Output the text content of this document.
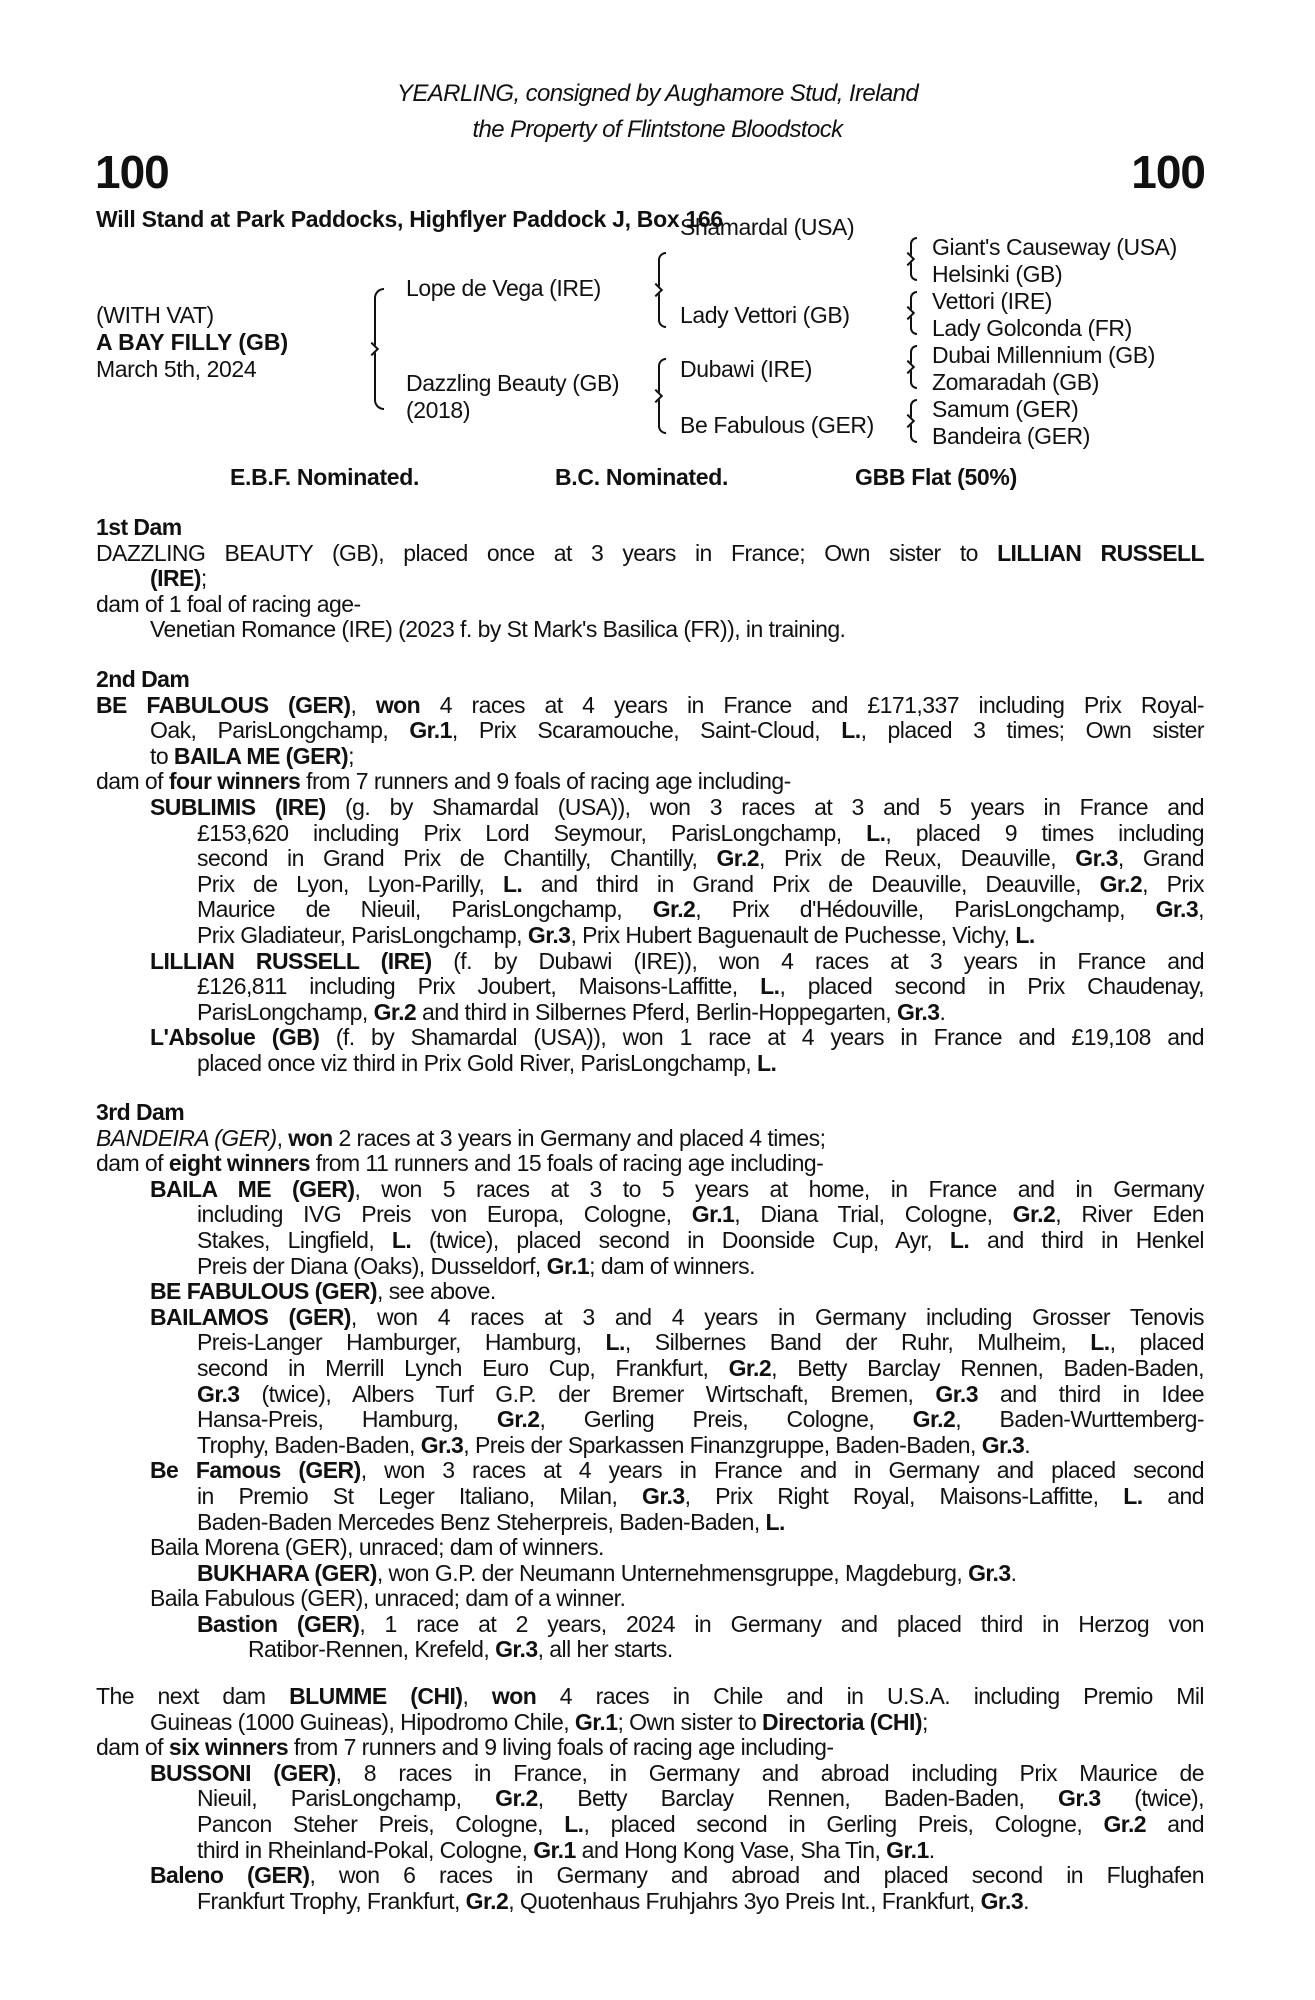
YEARLING, consigned by Aughamore Stud, Ireland
the Property of Flintstone Bloodstock
100	100
Will Stand at Park Paddocks, Highflyer Paddock J, Box 166
(WITH VAT)
A BAY FILLY (GB)
March 5th, 2024
Lope de Vega (IRE)
Dazzling Beauty (GB)
(2018)
Shamardal (USA)
Lady Vettori (GB)
Dubawi (IRE)
Be Fabulous (GER)
Giant's Causeway (USA)
Helsinki (GB)
Vettori (IRE)
Lady Golconda (FR)
Dubai Millennium (GB)
Zomaradah (GB)
Samum (GER)
Bandeira (GER)
E.B.F. Nominated.	B.C. Nominated.	GBB Flat (50%)
1st Dam
DAZZLING BEAUTY (GB), placed once at 3 years in France; Own sister to LILLIAN RUSSELL
(IRE);
dam of 1 foal of racing age-
Venetian Romance (IRE) (2023 f. by St Mark's Basilica (FR)), in training.
2nd Dam
BE FABULOUS (GER), won 4 races at 4 years in France and £171,337 including Prix Royal-
Oak, ParisLongchamp, Gr.1, Prix Scaramouche, Saint-Cloud, L., placed 3 times; Own sister
to BAILA ME (GER);
dam of four winners from 7 runners and 9 foals of racing age including-
SUBLIMIS (IRE) (g. by Shamardal (USA)), won 3 races at 3 and 5 years in France and
£153,620 including Prix Lord Seymour, ParisLongchamp, L., placed 9 times including
second in Grand Prix de Chantilly, Chantilly, Gr.2, Prix de Reux, Deauville, Gr.3, Grand
Prix de Lyon, Lyon-Parilly, L. and third in Grand Prix de Deauville, Deauville, Gr.2, Prix
Maurice de Nieuil, ParisLongchamp, Gr.2, Prix d'Hédouville, ParisLongchamp, Gr.3,
Prix Gladiateur, ParisLongchamp, Gr.3, Prix Hubert Baguenault de Puchesse, Vichy, L.
LILLIAN RUSSELL (IRE) (f. by Dubawi (IRE)), won 4 races at 3 years in France and
£126,811 including Prix Joubert, Maisons-Laffitte, L., placed second in Prix Chaudenay,
ParisLongchamp, Gr.2 and third in Silbernes Pferd, Berlin-Hoppegarten, Gr.3.
L'Absolue (GB) (f. by Shamardal (USA)), won 1 race at 4 years in France and £19,108 and
placed once viz third in Prix Gold River, ParisLongchamp, L.
3rd Dam
BANDEIRA (GER), won 2 races at 3 years in Germany and placed 4 times;
dam of eight winners from 11 runners and 15 foals of racing age including-
BAILA ME (GER), won 5 races at 3 to 5 years at home, in France and in Germany
including IVG Preis von Europa, Cologne, Gr.1, Diana Trial, Cologne, Gr.2, River Eden
Stakes, Lingfield, L. (twice), placed second in Doonside Cup, Ayr, L. and third in Henkel
Preis der Diana (Oaks), Dusseldorf, Gr.1; dam of winners.
BE FABULOUS (GER), see above.
BAILAMOS (GER), won 4 races at 3 and 4 years in Germany including Grosser Tenovis
Preis-Langer Hamburger, Hamburg, L., Silbernes Band der Ruhr, Mulheim, L., placed
second in Merrill Lynch Euro Cup, Frankfurt, Gr.2, Betty Barclay Rennen, Baden-Baden,
Gr.3 (twice), Albers Turf G.P. der Bremer Wirtschaft, Bremen, Gr.3 and third in Idee
Hansa-Preis, Hamburg, Gr.2, Gerling Preis, Cologne, Gr.2, Baden-Wurttemberg-
Trophy, Baden-Baden, Gr.3, Preis der Sparkassen Finanzgruppe, Baden-Baden, Gr.3.
Be Famous (GER), won 3 races at 4 years in France and in Germany and placed second
in Premio St Leger Italiano, Milan, Gr.3, Prix Right Royal, Maisons-Laffitte, L. and
Baden-Baden Mercedes Benz Steherpreis, Baden-Baden, L.
Baila Morena (GER), unraced; dam of winners.
BUKHARA (GER), won G.P. der Neumann Unternehmensgruppe, Magdeburg, Gr.3.
Baila Fabulous (GER), unraced; dam of a winner.
Bastion (GER), 1 race at 2 years, 2024 in Germany and placed third in Herzog von
Ratibor-Rennen, Krefeld, Gr.3, all her starts.
The next dam BLUMME (CHI), won 4 races in Chile and in U.S.A. including Premio Mil
Guineas (1000 Guineas), Hipodromo Chile, Gr.1; Own sister to Directoria (CHI);
dam of six winners from 7 runners and 9 living foals of racing age including-
BUSSONI (GER), 8 races in France, in Germany and abroad including Prix Maurice de
Nieuil, ParisLongchamp, Gr.2, Betty Barclay Rennen, Baden-Baden, Gr.3 (twice),
Pancon Steher Preis, Cologne, L., placed second in Gerling Preis, Cologne, Gr.2 and
third in Rheinland-Pokal, Cologne, Gr.1 and Hong Kong Vase, Sha Tin, Gr.1.
Baleno (GER), won 6 races in Germany and abroad and placed second in Flughafen
Frankfurt Trophy, Frankfurt, Gr.2, Quotenhaus Fruhjahrs 3yo Preis Int., Frankfurt, Gr.3.
